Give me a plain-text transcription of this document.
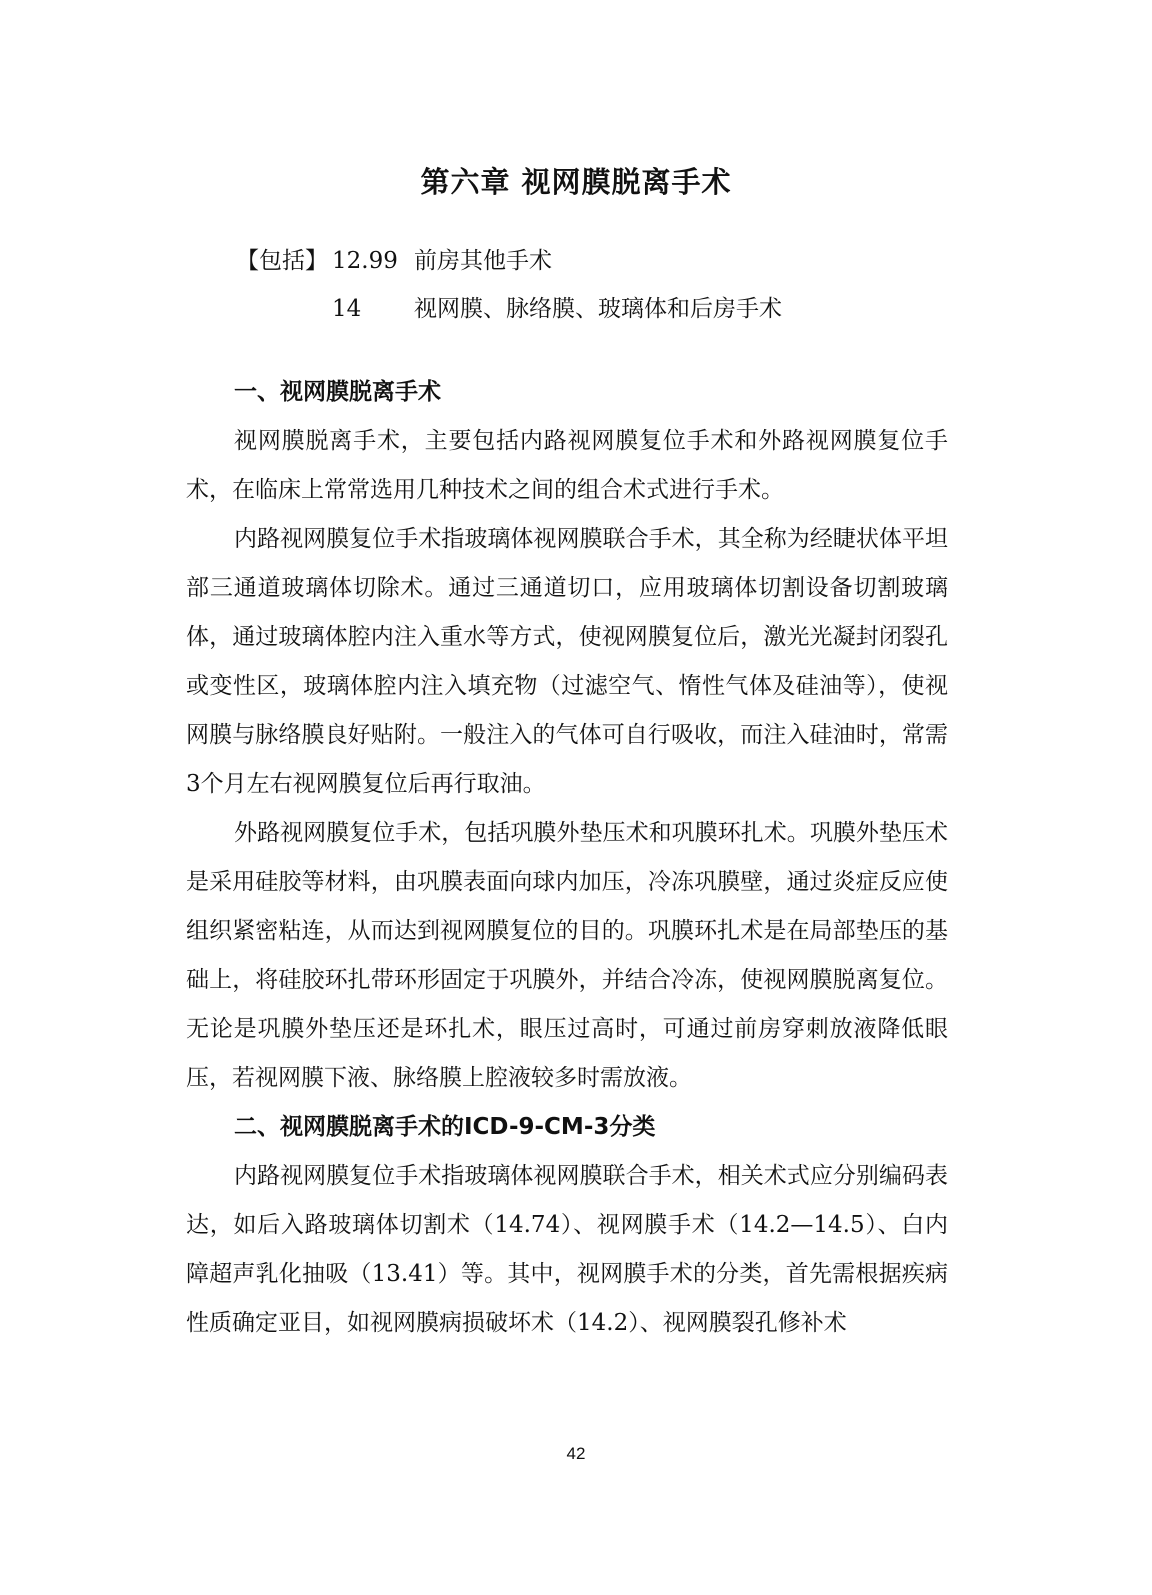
第六章 视网膜脱离手术
【包括】 12.99 前房其他手术
14	视网膜、脉络膜、玻璃体和后房手术
一、视网膜脱离手术

视网膜脱离手术，主要包括内路视网膜复位手术和外路视网膜复位手术，在临床上常常选用几种技术之间的组合术式进行手术。

内路视网膜复位手术指玻璃体视网膜联合手术，其全称为经睫状体平坦部三通道玻璃体切除术。通过三通道切口，应用玻璃体切割设备切割玻璃体，通过玻璃体腔内注入重水等方式，使视网膜复位后，激光光凝封闭裂孔或变性区，玻璃体腔内注入填充物（过滤空气、惰性气体及硅油等），使视网膜与脉络膜良好贴附。一般注入的气体可自行吸收，而注入硅油时，常需3个月左右视网膜复位后再行取油。

外路视网膜复位手术，包括巩膜外垫压术和巩膜环扎术。巩膜外垫压术是采用硅胶等材料，由巩膜表面向球内加压，冷冻巩膜壁，通过炎症反应使组织紧密粘连，从而达到视网膜复位的目的。巩膜环扎术是在局部垫压的基础上，将硅胶环扎带环形固定于巩膜外，并结合冷冻，使视网膜脱离复位。无论是巩膜外垫压还是环扎术，眼压过高时，可通过前房穿刺放液降低眼压，若视网膜下液、脉络膜上腔液较多时需放液。

二、视网膜脱离手术的ICD-9-CM-3分类

内路视网膜复位手术指玻璃体视网膜联合手术，相关术式应分别编码表达，如后入路玻璃体切割术（14.74）、视网膜手术（14.2—14.5）、白内障超声乳化抽吸（13.41）等。其中，视网膜手术的分类，首先需根据疾病性质确定亚目，如视网膜病损破坏术（14.2）、视网膜裂孔修补术

42
